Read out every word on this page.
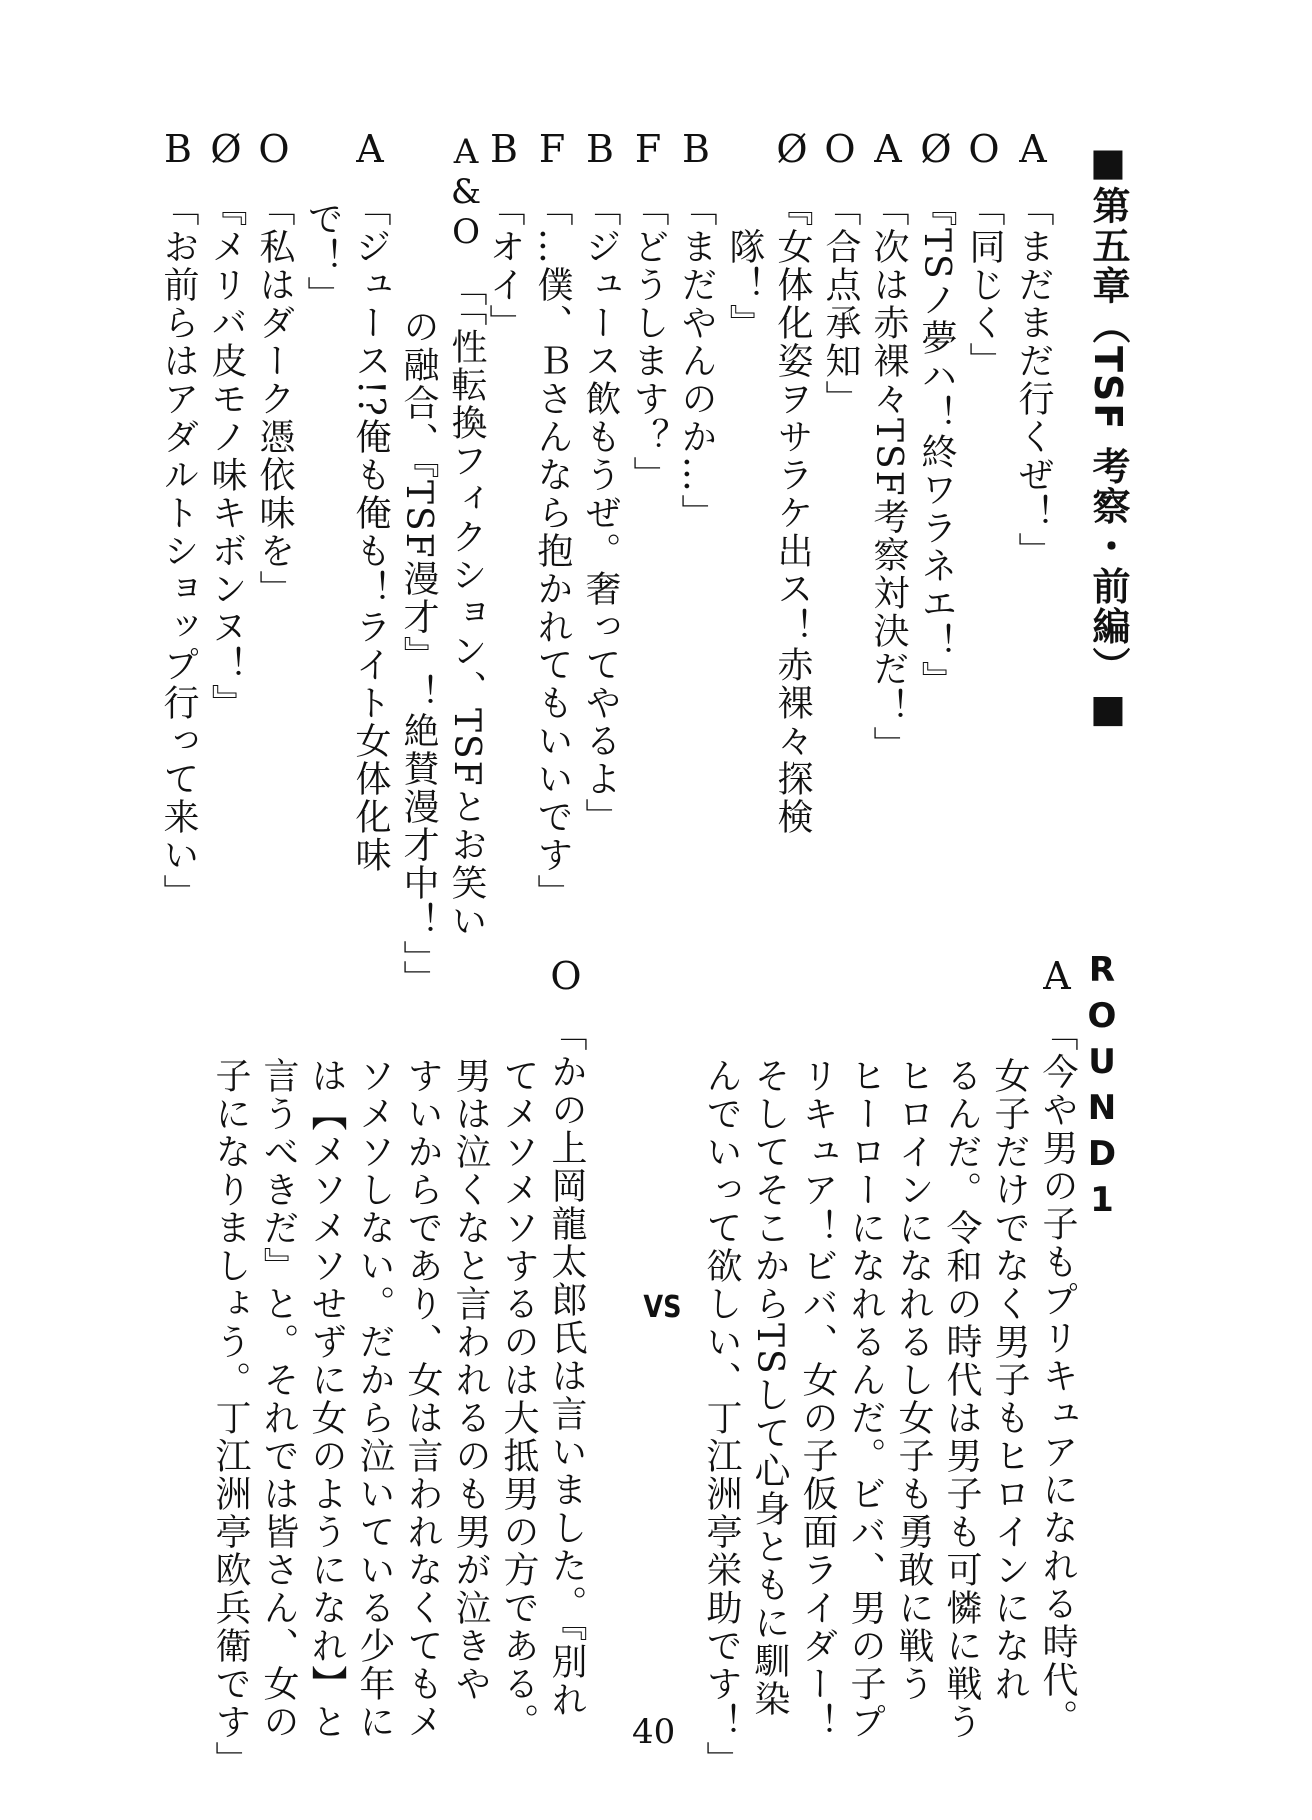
■第五章（TSF 考察・前編）■
A
「まだまだ行くぜ！」
O
「同じく」
Ø
『TSノ夢ハ！終ワラネエ！』
A
「次は赤裸々TSF考察対決だ！」
O
「合点承知」
Ø
『女体化姿ヲサラケ出ス！赤裸々探検
　隊！』
B
「まだやんのか…」
F
「どうします？」
B
「ジュース飲もうぜ。奢ってやるよ」
F
「…僕、Ｂさんなら抱かれてもいいです」
B
「オイ」
A&O
「「性転換フィクション、TSFとお笑い
　の融合、『TSF漫才』！絶賛漫才中！」」
A
「ジュース!?俺も俺も！ライト女体化味
で！」
O
「私はダーク憑依味を」
Ø
『メリバ皮モノ味キボンヌ！』
B
「お前らはアダルトショップ行って来い」
ROUND1
A
「今や男の子もプリキュアになれる時代。
女子だけでなく男子もヒロインになれ
るんだ。令和の時代は男子も可憐に戦う
ヒロインになれるし女子も勇敢に戦う
ヒーローになれるんだ。ビバ、男の子プ
リキュア！ビバ、女の子仮面ライダー！
そしてそこからTSして心身ともに馴染
んでいって欲しい、丁江洲亭栄助です！」
VS
O
「かの上岡龍太郎氏は言いました。『別れ
てメソメソするのは大抵男の方である。
男は泣くなと言われるのも男が泣きや
すいからであり、女は言われなくてもメ
ソメソしない。だから泣いている少年に
は【メソメソせずに女のようになれ】と
言うべきだ』と。それでは皆さん、女の
子になりましょう。丁江洲亭欧兵衛です」	40
